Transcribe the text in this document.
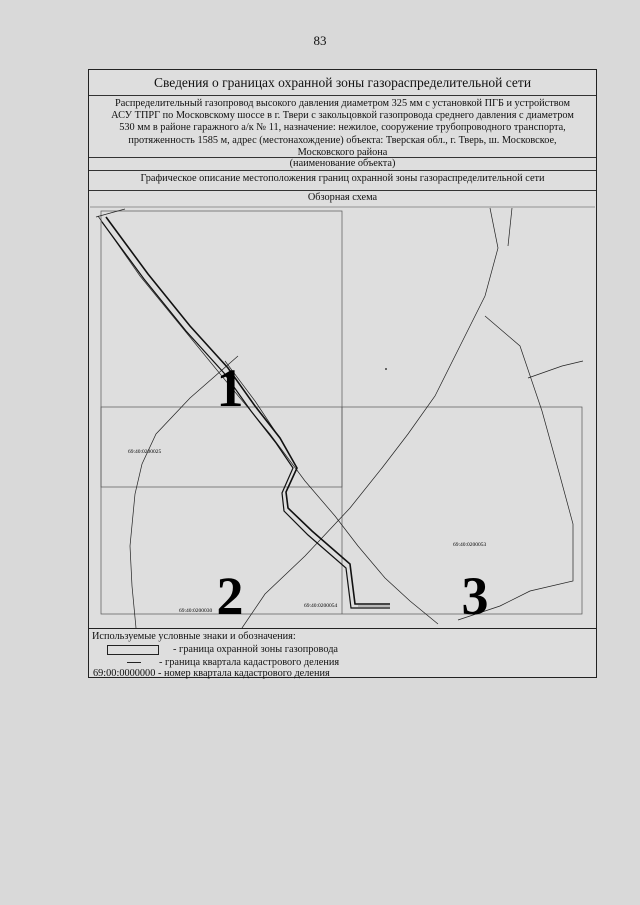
83
Сведения о границах охранной зоны газораспределительной сети
Распределительный газопровод высокого давления диаметром 325 мм с установкой ПГБ и устройством
АСУ ТПРГ по Московскому шоссе в г. Твери с закольцовкой газопровода среднего давления с диаметром
530 мм в районе гаражного а/к № 11, назначение: нежилое, сооружение трубопроводного транспорта,
протяженность 1585 м, адрес (местонахождение) объекта: Тверская обл., г. Тверь, ш. Московское,
Московского района
(наименование объекта)
Графическое описание местоположения границ охранной зоны газораспределительной сети
Обзорная схема
1
2	3
69:40:0200025
69:40:0200053
69:40:0200030
69:40:0200054
Используемые условные знаки и обозначения:
- граница охранной зоны газопровода
- граница квартала кадастрового деления
69:00:0000000 - номер квартала кадастрового деления
